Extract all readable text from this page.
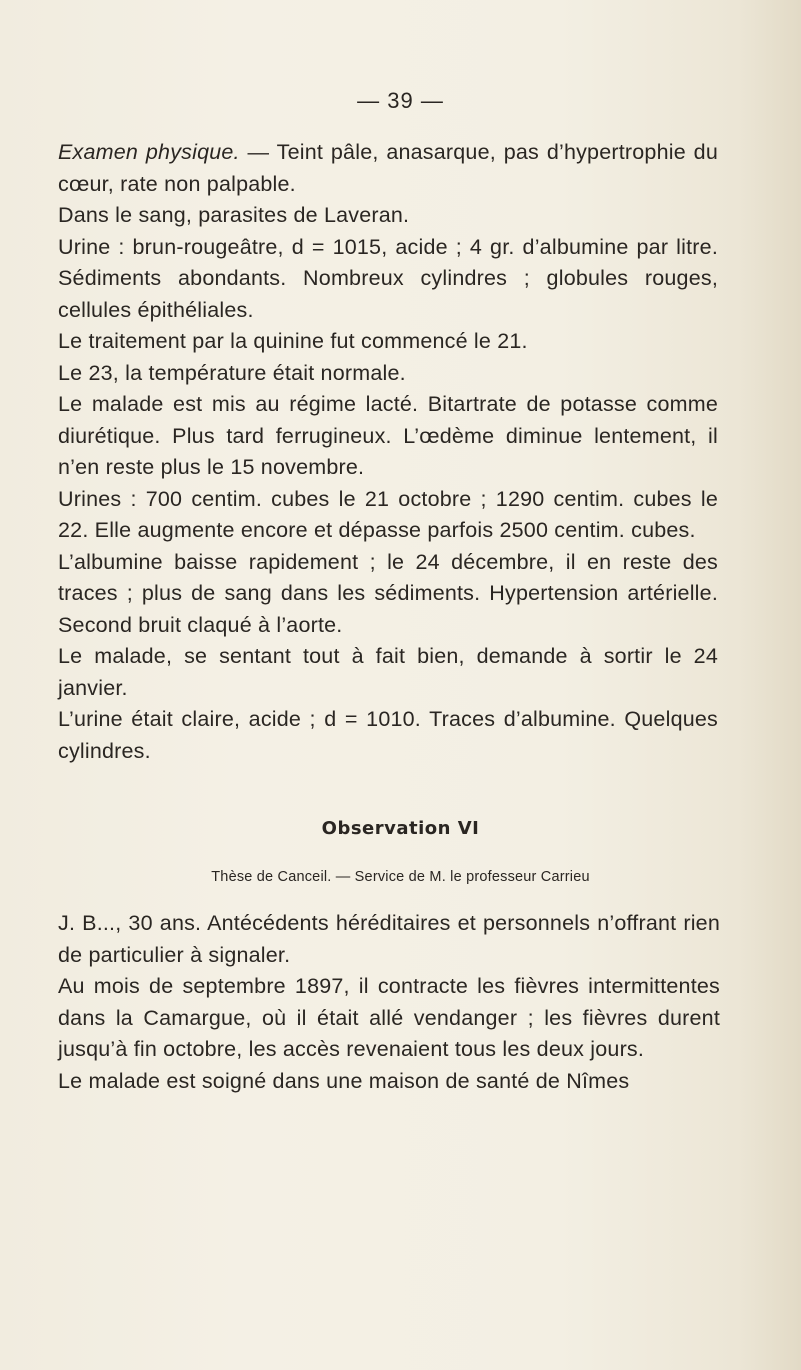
— 39 —

Examen physique. — Teint pâle, anasarque, pas d’hypertrophie du cœur, rate non palpable.

Dans le sang, parasites de Laveran.

Urine : brun-rougeâtre, d = 1015, acide ; 4 gr. d’albumine par litre. Sédiments abondants. Nombreux cylindres ; globules rouges, cellules épithéliales.

Le traitement par la quinine fut commencé le 21.

Le 23, la température était normale.

Le malade est mis au régime lacté. Bitartrate de potasse comme diurétique. Plus tard ferrugineux. L’œdème diminue lentement, il n’en reste plus le 15 novembre.

Urines : 700 centim. cubes le 21 octobre ; 1290 centim. cubes le 22. Elle augmente encore et dépasse parfois 2500 centim. cubes.

L’albumine baisse rapidement ; le 24 décembre, il en reste des traces ; plus de sang dans les sédiments. Hypertension artérielle. Second bruit claqué à l’aorte.

Le malade, se sentant tout à fait bien, demande à sortir le 24 janvier.

L’urine était claire, acide ; d = 1010. Traces d’albumine. Quelques cylindres.

Observation VI
Thèse de Canceil. — Service de M. le professeur Carrieu

J. B..., 30 ans. Antécédents héréditaires et personnels n’offrant rien de particulier à signaler.

Au mois de septembre 1897, il contracte les fièvres intermittentes dans la Camargue, où il était allé vendanger ; les fièvres durent jusqu’à fin octobre, les accès revenaient tous les deux jours.

Le malade est soigné dans une maison de santé de Nîmes
